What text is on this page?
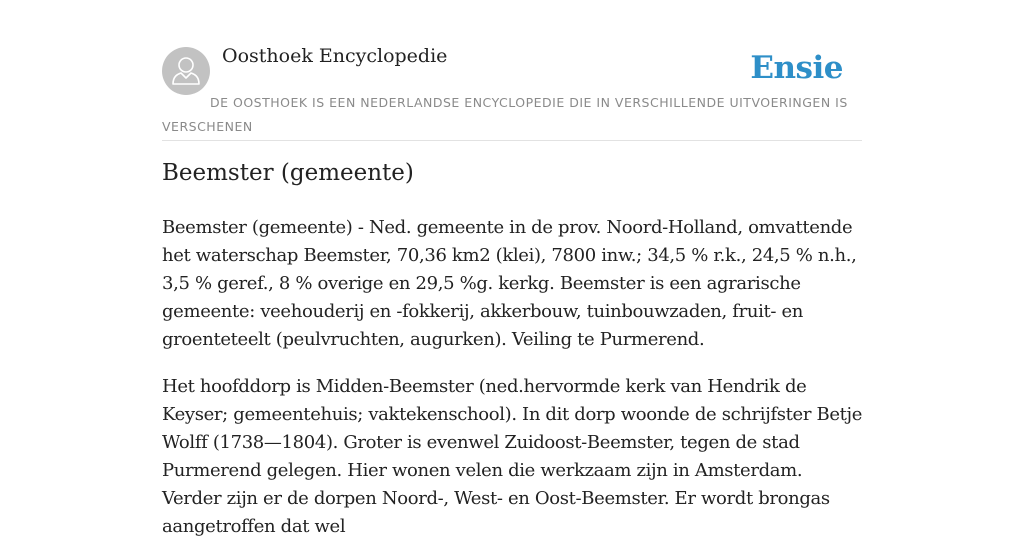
Oosthoek Encyclopedie	Ensie
DE OOSTHOEK IS EEN NEDERLANDSE ENCYCLOPEDIE DIE IN VERSCHILLENDE UITVOERINGEN IS VERSCHENEN
Beemster (gemeente)

Beemster (gemeente) - Ned. gemeente in de prov. Noord-Holland, omvattende het waterschap Beemster, 70,36 km2 (klei), 7800 inw.; 34,5 % r.k., 24,5 % n.h., 3,5 % geref., 8 % overige en 29,5 %g. kerkg. Beemster is een agrarische gemeente: veehouderij en -fokkerij, akkerbouw, tuinbouwzaden, fruit- en groenteteelt (peulvruchten, augurken). Veiling te Purmerend.

Het hoofddorp is Midden-Beemster (ned.hervormde kerk van Hendrik de Keyser; gemeentehuis; vaktekenschool). In dit dorp woonde de schrijfster Betje Wolff (1738—1804). Groter is evenwel Zuidoost-Beemster, tegen de stad Purmerend gelegen. Hier wonen velen die werkzaam zijn in Amsterdam. Verder zijn er de dorpen Noord-, West- en Oost-Beemster. Er wordt brongas aangetroffen dat wel
